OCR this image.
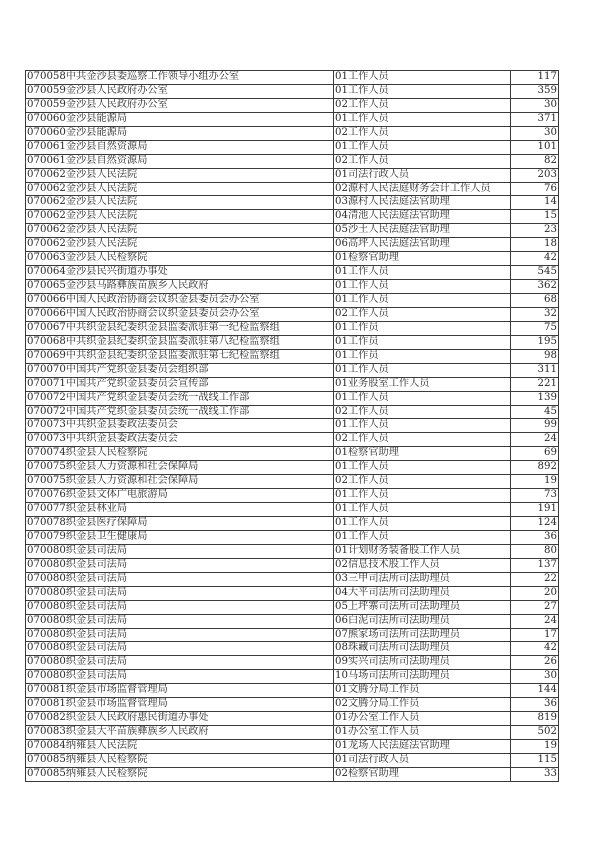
070058中共金沙县委巡察工作领导小组办公室	01工作人员	117
070059金沙县人民政府办公室	01工作人员	359
070059金沙县人民政府办公室	02工作人员	30
070060金沙县能源局	01工作人员	371
070060金沙县能源局	02工作人员	30
070061金沙县自然资源局	01工作人员	101
070061金沙县自然资源局	02工作人员	82
070062金沙县人民法院	01司法行政人员	203
070062金沙县人民法院	02源村人民法庭财务会计工作人员	76
070062金沙县人民法院	03源村人民法庭法官助理	14
070062金沙县人民法院	04清池人民法庭法官助理	15
070062金沙县人民法院	05沙土人民法庭法官助理	23
070062金沙县人民法院	06高坪人民法庭法官助理	18
070063金沙县人民检察院	01检察官助理	42
070064金沙县民兴街道办事处	01工作人员	545
070065金沙县马路彝族苗族乡人民政府	01工作人员	362
070066中国人民政治协商会议织金县委员会办公室	01工作人员	68
070066中国人民政治协商会议织金县委员会办公室	02工作人员	32
070067中共织金县纪委织金县监委派驻第一纪检监察组	01工作员	75
070068中共织金县纪委织金县监委派驻第八纪检监察组	01工作员	195
070069中共织金县纪委织金县监委派驻第七纪检监察组	01工作员	98
070070中国共产党织金县委员会组织部	01工作人员	311
070071中国共产党织金县委员会宣传部	01业务股室工作人员	221
070072中国共产党织金县委员会统一战线工作部	01工作人员	139
070072中国共产党织金县委员会统一战线工作部	02工作人员	45
070073中共织金县委政法委员会	01工作人员	99
070073中共织金县委政法委员会	02工作人员	24
070074织金县人民检察院	01检察官助理	69
070075织金县人力资源和社会保障局	01工作人员	892
070075织金县人力资源和社会保障局	02工作人员	19
070076织金县文体广电旅游局	01工作人员	73
070077织金县林业局	01工作人员	191
070078织金县医疗保障局	01工作人员	124
070079织金县卫生健康局	01工作人员	36
070080织金县司法局	01计划财务装备股工作人员	80
070080织金县司法局	02信息技术股工作人员	137
070080织金县司法局	03三甲司法所司法助理员	22
070080织金县司法局	04大平司法所司法助理员	20
070080织金县司法局	05上坪寨司法所司法助理员	27
070080织金县司法局	06白泥司法所司法助理员	24
070080织金县司法局	07熊家场司法所司法助理员	17
070080织金县司法局	08珠藏司法所司法助理员	42
070080织金县司法局	09实兴司法所司法助理员	26
070080织金县司法局	10马场司法所司法助理员	30
070081织金县市场监督管理局	01文腾分局工作员	144
070081织金县市场监督管理局	02文腾分局工作员	36
070082织金县人民政府惠民街道办事处	01办公室工作人员	819
070083织金县大平苗族彝族乡人民政府	01办公室工作人员	502
070084纳雍县人民法院	01龙场人民法庭法官助理	19
070085纳雍县人民检察院	01司法行政人员	115
070085纳雍县人民检察院	02检察官助理	33
